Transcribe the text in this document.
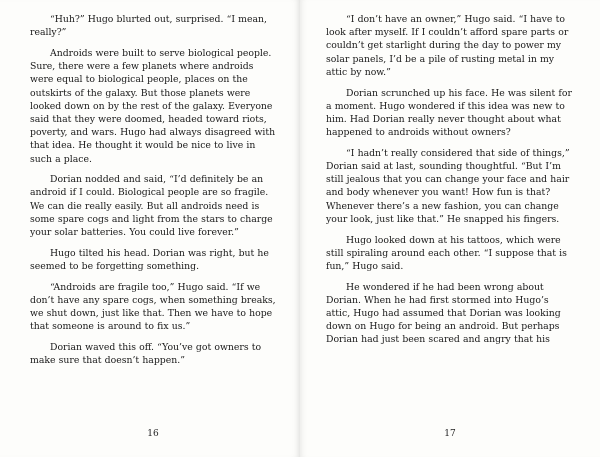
“Huh?” Hugo blurted out, surprised. “I mean, really?”

Androids were built to serve biological people. Sure, there were a few planets where androids were equal to biological people, places on the outskirts of the galaxy. But those planets were looked down on by the rest of the galaxy. Everyone said that they were doomed, headed toward riots, poverty, and wars. Hugo had always disagreed with that idea. He thought it would be nice to live in such a place.

Dorian nodded and said, “I’d definitely be an android if I could. Biological people are so fragile. We can die really easily. But all androids need is some spare cogs and light from the stars to charge your solar batteries. You could live forever.”

Hugo tilted his head. Dorian was right, but he seemed to be forgetting something.

“Androids are fragile too,” Hugo said. “If we don’t have any spare cogs, when something breaks, we shut down, just like that. Then we have to hope that someone is around to fix us.”

Dorian waved this off. “You’ve got owners to make sure that doesn’t happen.”

16

“I don’t have an owner,” Hugo said. “I have to look after myself. If I couldn’t afford spare parts or couldn’t get starlight during the day to power my solar panels, I’d be a pile of rusting metal in my attic by now.”

Dorian scrunched up his face. He was silent for a moment. Hugo wondered if this idea was new to him. Had Dorian really never thought about what happened to androids without owners?

“I hadn’t really considered that side of things,” Dorian said at last, sounding thoughtful. “But I’m still jealous that you can change your face and hair and body whenever you want! How fun is that? Whenever there’s a new fashion, you can change your look, just like that.” He snapped his fingers.

Hugo looked down at his tattoos, which were still spiraling around each other. “I suppose that is fun,” Hugo said.

He wondered if he had been wrong about Dorian. When he had first stormed into Hugo’s attic, Hugo had assumed that Dorian was looking down on Hugo for being an android. But perhaps Dorian had just been scared and angry that his

17
